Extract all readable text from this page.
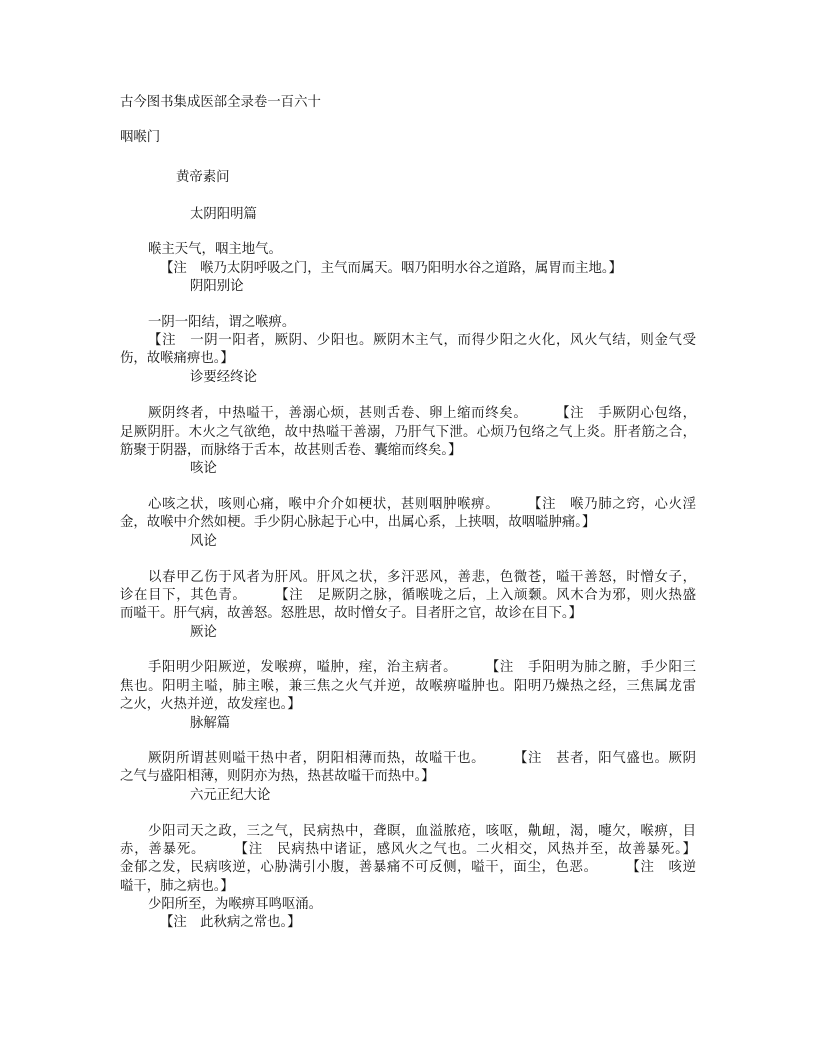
古今图书集成医部全录卷一百六十
咽喉门
黄帝素问
太阴阳明篇
喉主天气，咽主地气。
【注　喉乃太阴呼吸之门，主气而属天。咽乃阳明水谷之道路，属胃而主地。】
阴阳别论
一阴一阳结，谓之喉痹。
【注　一阴一阳者，厥阴、少阳也。厥阴木主气，而得少阳之火化，风火气结，则金气受
伤，故喉痛痹也。】
诊要经终论
厥阴终者，中热嗌干，善溺心烦，甚则舌卷、卵上缩而终矣。　　　【注　手厥阴心包络，
足厥阴肝。木火之气欲绝，故中热嗌干善溺，乃肝气下泄。心烦乃包络之气上炎。肝者筋之合，
筋聚于阴器，而脉络于舌本，故甚则舌卷、囊缩而终矣。】
咳论
心咳之状，咳则心痛，喉中介介如梗状，甚则咽肿喉痹。　　　【注　喉乃肺之窍，心火淫
金，故喉中介然如梗。手少阴心脉起于心中，出属心系，上挟咽，故咽嗌肿痛。】
风论
以春甲乙伤于风者为肝风。肝风之状，多汗恶风，善悲，色微苍，嗌干善怒，时憎女子，
诊在目下，其色青。　　　【注　足厥阴之脉，循喉咙之后，上入颃颡。风木合为邪，则火热盛
而嗌干。肝气病，故善怒。怒胜思，故时憎女子。目者肝之官，故诊在目下。】
厥论
手阳明少阳厥逆，发喉痹，嗌肿，痓，治主病者。　　　【注　手阳明为肺之腑，手少阳三
焦也。阳明主嗌，肺主喉，兼三焦之火气并逆，故喉痹嗌肿也。阳明乃燥热之经，三焦属龙雷
之火，火热并逆，故发痓也。】
脉解篇
厥阴所谓甚则嗌干热中者，阴阳相薄而热，故嗌干也。　　　【注　甚者，阳气盛也。厥阴
之气与盛阳相薄，则阴亦为热，热甚故嗌干而热中。】
六元正纪大论
少阳司天之政，三之气，民病热中，聋瞑，血溢脓疮，咳呕，鼽衄，渴，嚏欠，喉痹，目
赤，善暴死。　　　【注　民病热中诸证，感风火之气也。二火相交，风热并至，故善暴死。】
金郁之发，民病咳逆，心胁满引小腹，善暴痛不可反侧，嗌干，面尘，色恶。　　　【注　咳逆
嗌干，肺之病也。】
少阳所至，为喉痹耳鸣呕涌。
【注　此秋病之常也。】
